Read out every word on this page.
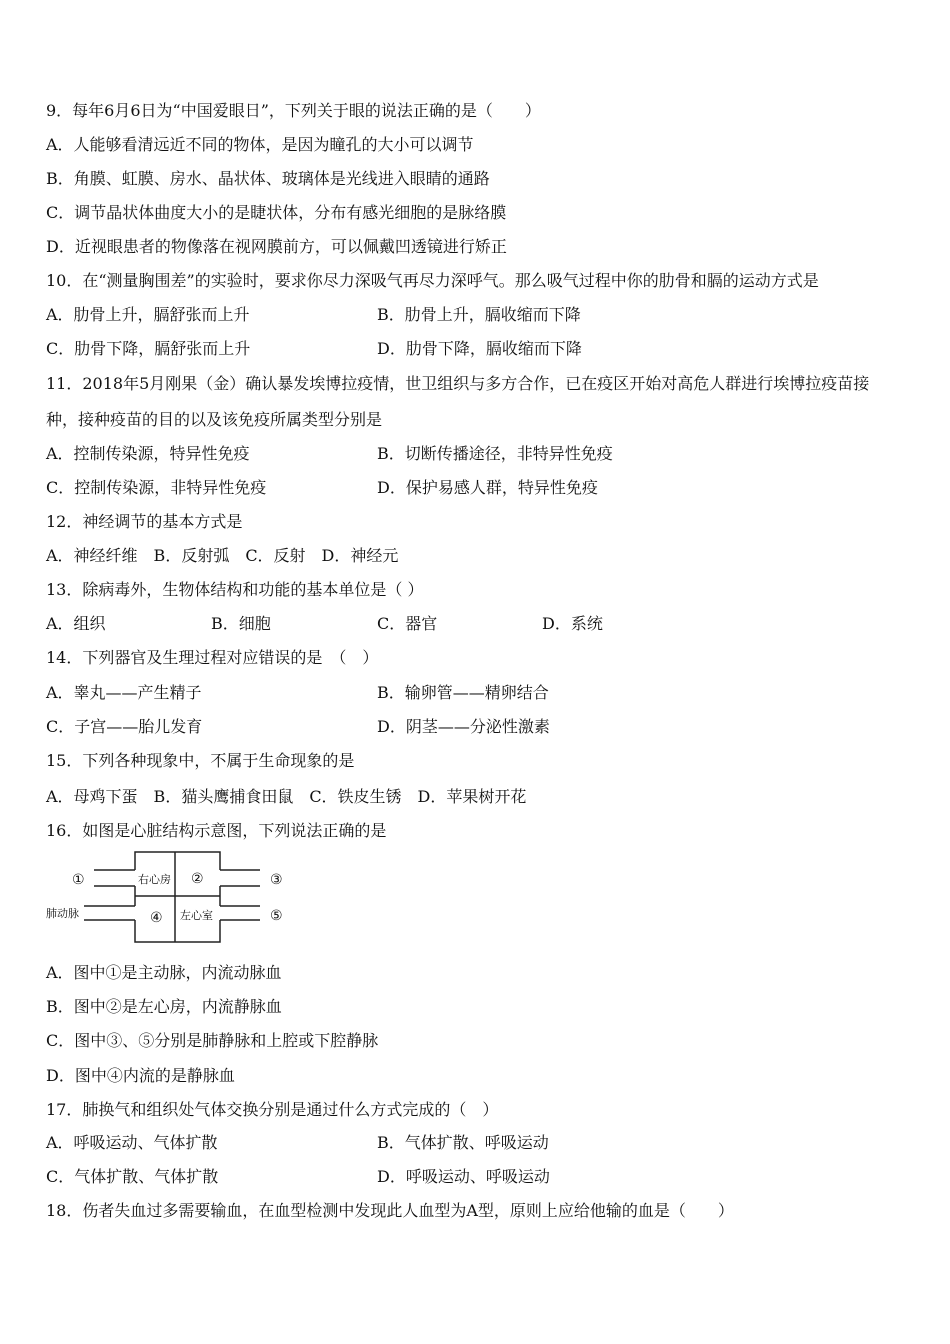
9．每年6月6日为“中国爱眼日”，下列关于眼的说法正确的是（　　）
A．人能够看清远近不同的物体，是因为瞳孔的大小可以调节
B．角膜、虹膜、房水、晶状体、玻璃体是光线进入眼睛的通路
C．调节晶状体曲度大小的是睫状体，分布有感光细胞的是脉络膜
D．近视眼患者的物像落在视网膜前方，可以佩戴凹透镜进行矫正
10．在“测量胸围差”的实验时，要求你尽力深吸气再尽力深呼气。那么吸气过程中你的肋骨和膈的运动方式是
A．肋骨上升，膈舒张而上升	B．肋骨上升，膈收缩而下降
C．肋骨下降，膈舒张而上升	D．肋骨下降，膈收缩而下降
11．2018年5月刚果（金）确认暴发埃博拉疫情，世卫组织与多方合作，已在疫区开始对高危人群进行埃博拉疫苗接
种，接种疫苗的目的以及该免疫所属类型分别是
A．控制传染源，特异性免疫	B．切断传播途径，非特异性免疫
C．控制传染源，非特异性免疫	D．保护易感人群，特异性免疫
12．神经调节的基本方式是
A．神经纤维　B．反射弧　C．反射　D．神经元
13．除病毒外，生物体结构和功能的基本单位是（ ）
A．组织	B．细胞	C．器官	D．系统
14．下列器官及生理过程对应错误的是　（　）
A．睾丸——产生精子	B．输卵管——精卵结合
C．子宫——胎儿发育	D．阴茎——分泌性激素
15．下列各种现象中，不属于生命现象的是
A．母鸡下蛋　B．猫头鹰捕食田鼠　C．铁皮生锈　D．苹果树开花
16．如图是心脏结构示意图，下列说法正确的是
①	②	③
④	⑤
右心房
左心室
肺动脉
A．图中①是主动脉，内流动脉血
B．图中②是左心房，内流静脉血
C．图中③、⑤分别是肺静脉和上腔或下腔静脉
D．图中④内流的是静脉血
17．肺换气和组织处气体交换分别是通过什么方式完成的（　）
A．呼吸运动、气体扩散	B．气体扩散、呼吸运动
C．气体扩散、气体扩散	D．呼吸运动、呼吸运动
18．伤者失血过多需要输血，在血型检测中发现此人血型为A型，原则上应给他输的血是（　　）
